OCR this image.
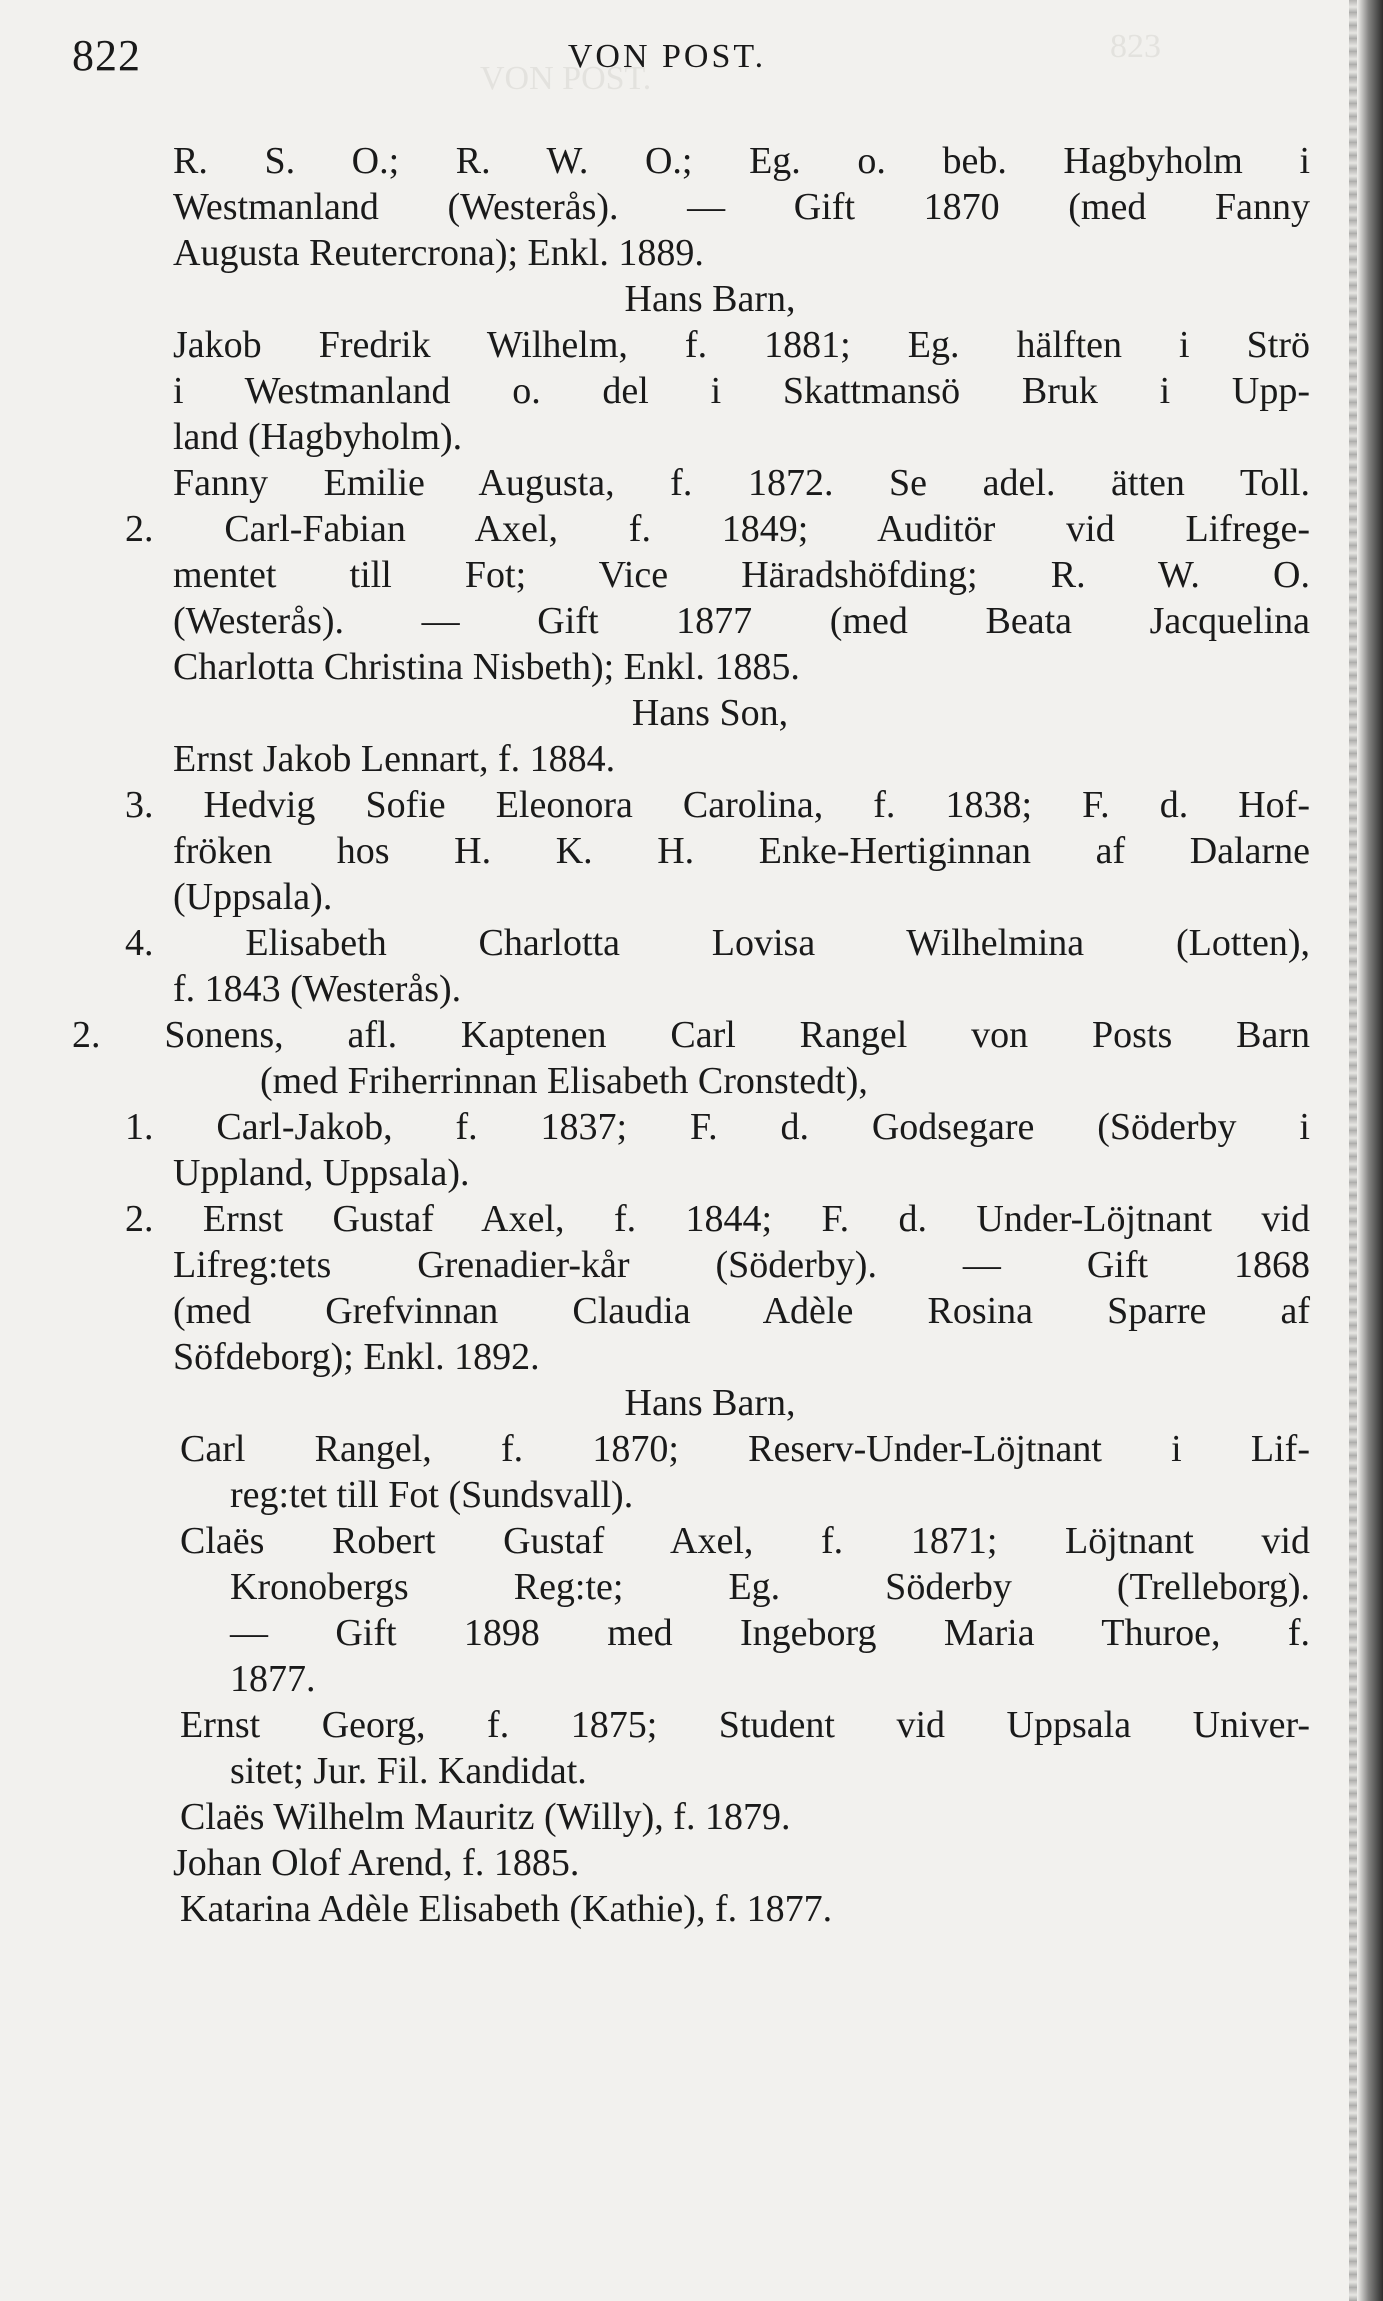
VON POST.
823
822	VON POST.
R. S. O.; R. W. O.; Eg. o. beb. Hagbyholm i
Westmanland (Westerås). — Gift 1870 (med Fanny
Augusta Reutercrona); Enkl. 1889.
Hans Barn,
Jakob Fredrik Wilhelm, f. 1881; Eg. hälften i Strö
i Westmanland o. del i Skattmansö Bruk i Upp-
land (Hagbyholm).
Fanny Emilie Augusta, f. 1872. Se adel. ätten Toll.
2. Carl-Fabian Axel, f. 1849; Auditör vid Lifrege-
mentet till Fot; Vice Häradshöfding; R. W. O.
(Westerås). — Gift 1877 (med Beata Jacquelina
Charlotta Christina Nisbeth); Enkl. 1885.
Hans Son,
Ernst Jakob Lennart, f. 1884.
3. Hedvig Sofie Eleonora Carolina, f. 1838; F. d. Hof-
fröken hos H. K. H. Enke-Hertiginnan af Dalarne
(Uppsala).
4. Elisabeth Charlotta Lovisa Wilhelmina (Lotten),
f. 1843 (Westerås).
2. Sonens, afl. Kaptenen Carl Rangel von Posts Barn
(med Friherrinnan Elisabeth Cronstedt),
1. Carl-Jakob, f. 1837; F. d. Godsegare (Söderby i
Uppland, Uppsala).
2. Ernst Gustaf Axel, f. 1844; F. d. Under-Löjtnant vid
Lifreg:tets Grenadier-kår (Söderby). — Gift 1868
(med Grefvinnan Claudia Adèle Rosina Sparre af
Söfdeborg); Enkl. 1892.
Hans Barn,
Carl Rangel, f. 1870; Reserv-Under-Löjtnant i Lif-
reg:tet till Fot (Sundsvall).
Claës Robert Gustaf Axel, f. 1871; Löjtnant vid
Kronobergs Reg:te; Eg. Söderby (Trelleborg).
— Gift 1898 med Ingeborg Maria Thuroe, f.
1877.
Ernst Georg, f. 1875; Student vid Uppsala Univer-
sitet; Jur. Fil. Kandidat.
Claës Wilhelm Mauritz (Willy), f. 1879.
Johan Olof Arend, f. 1885.
Katarina Adèle Elisabeth (Kathie), f. 1877.
